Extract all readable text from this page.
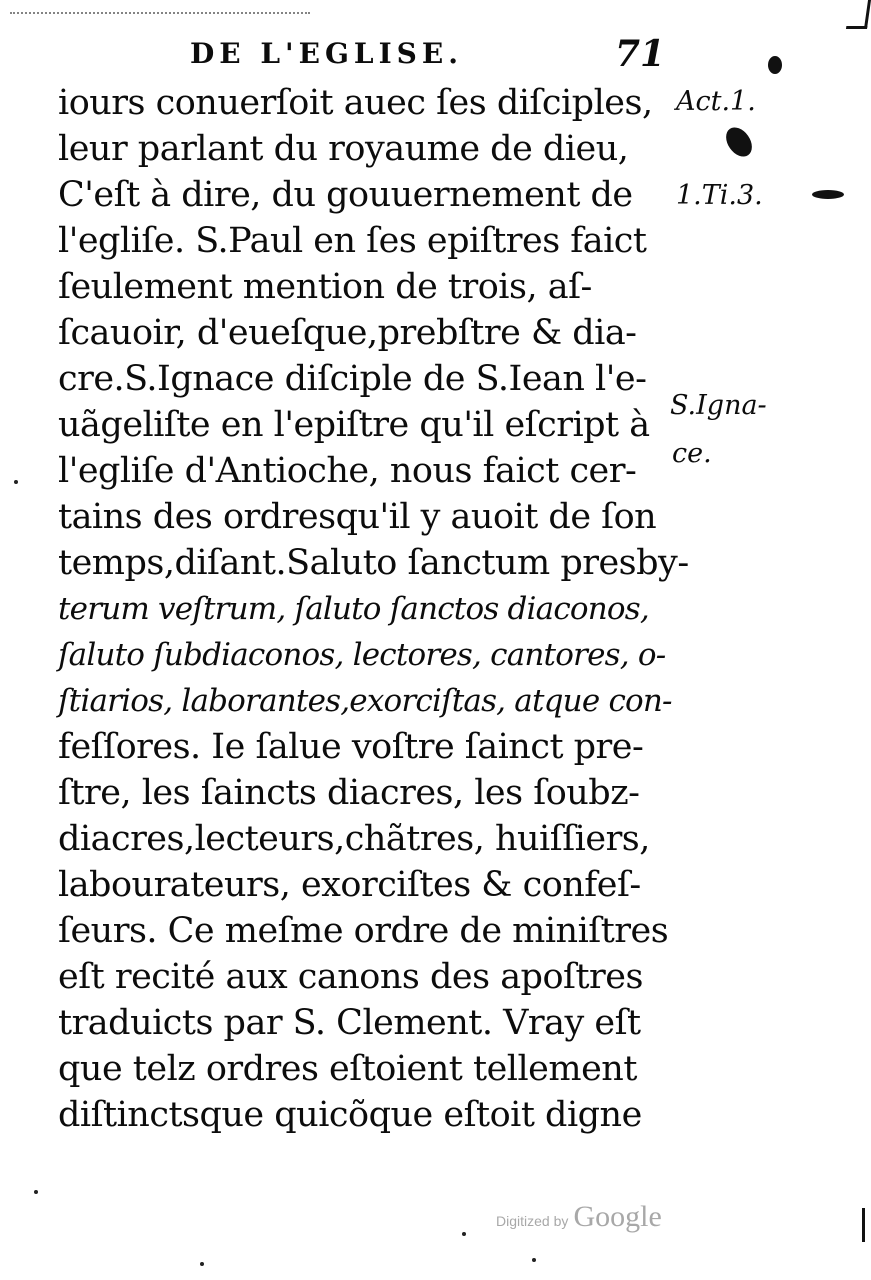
DE L'EGLISE.	71
iours conuerſoit auec ſes diſciples,
leur parlant du royaume de dieu,
C'eſt à dire, du gouuernement de
l'egliſe. S.Paul en ſes epiſtres faict
ſeulement mention de trois, aſ-
ſcauoir, d'eueſque,prebſtre & dia-
cre.S.Ignace diſciple de S.Iean l'e-
uãgeliſte en l'epiſtre qu'il eſcript à
l'egliſe d'Antioche, nous faict cer-
tains des ordresqu'il y auoit de ſon
temps,diſant.Saluto ſanctum presby-
terum veſtrum, ſaluto ſanctos diaconos,
ſaluto ſubdiaconos, lectores, cantores, o-
ſtiarios, laborantes,exorciſtas, atque con-
feſſores. Ie ſalue voſtre ſainct pre-
ſtre, les ſaincts diacres, les ſoubz-
diacres,lecteurs,chãtres, huiſſiers,
labourateurs, exorciſtes & confeſ-
ſeurs. Ce meſme ordre de miniſtres
eſt recité aux canons des apoſtres
traduicts par S. Clement. Vray eſt
que telz ordres eſtoient tellement
diſtinctsque quicõque eſtoit digne
Act.1.
1.Ti.3.
S.Igna-
ce.
Digitized by Google
